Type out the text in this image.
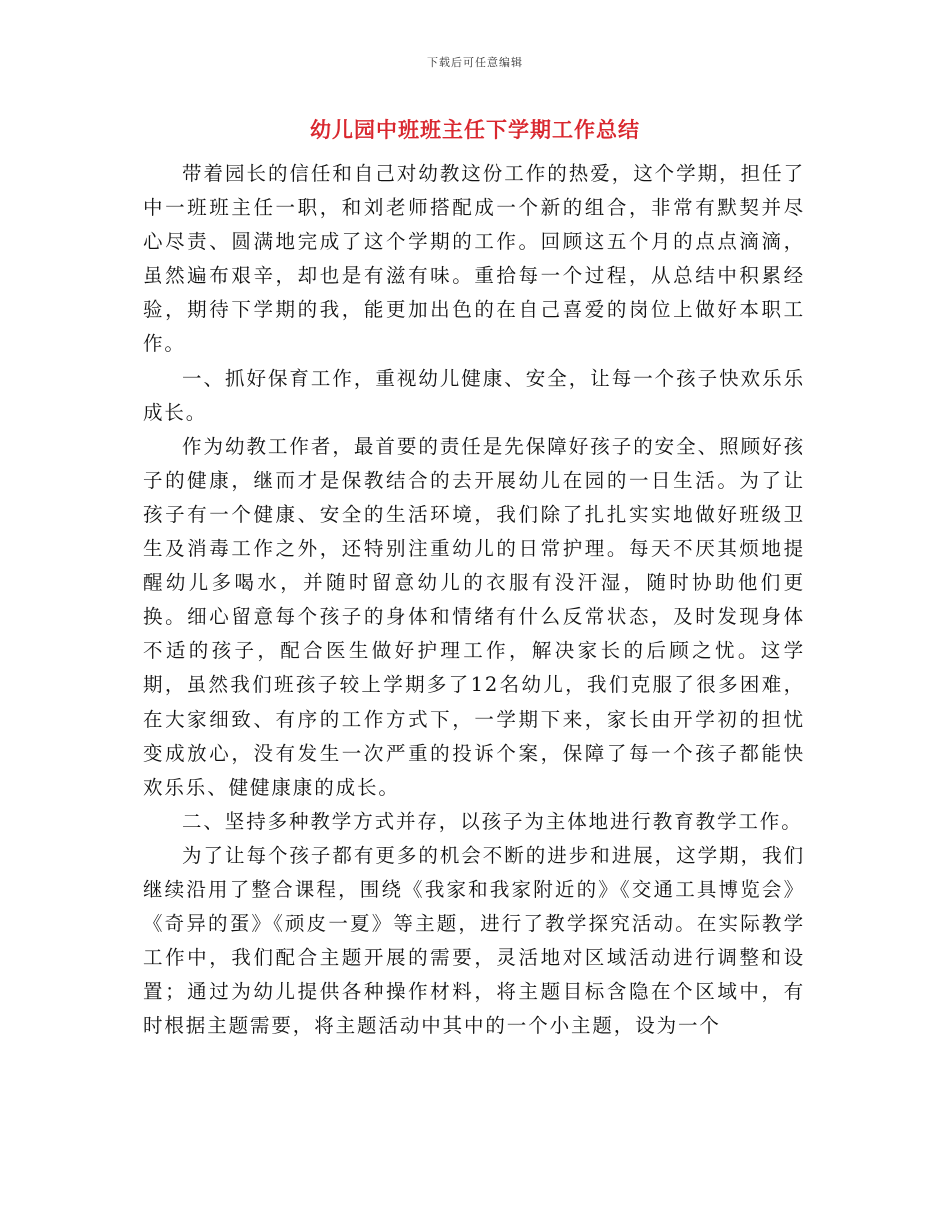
下载后可任意编辑
幼儿园中班班主任下学期工作总结

带着园长的信任和自己对幼教这份工作的热爱，这个学期，担任了中一班班主任一职，和刘老师搭配成一个新的组合，非常有默契并尽心尽责、圆满地完成了这个学期的工作。回顾这五个月的点点滴滴，虽然遍布艰辛，却也是有滋有味。重拾每一个过程，从总结中积累经验，期待下学期的我，能更加出色的在自己喜爱的岗位上做好本职工作。

一、抓好保育工作，重视幼儿健康、安全，让每一个孩子快欢乐乐成长。

作为幼教工作者，最首要的责任是先保障好孩子的安全、照顾好孩子的健康，继而才是保教结合的去开展幼儿在园的一日生活。为了让孩子有一个健康、安全的生活环境，我们除了扎扎实实地做好班级卫生及消毒工作之外，还特别注重幼儿的日常护理。每天不厌其烦地提醒幼儿多喝水，并随时留意幼儿的衣服有没汗湿，随时协助他们更换。细心留意每个孩子的身体和情绪有什么反常状态，及时发现身体不适的孩子，配合医生做好护理工作，解决家长的后顾之忧。这学期，虽然我们班孩子较上学期多了12名幼儿，我们克服了很多困难，在大家细致、有序的工作方式下，一学期下来，家长由开学初的担忧变成放心，没有发生一次严重的投诉个案，保障了每一个孩子都能快欢乐乐、健健康康的成长。

二、坚持多种教学方式并存，以孩子为主体地进行教育教学工作。

为了让每个孩子都有更多的机会不断的进步和进展，这学期，我们继续沿用了整合课程，围绕《我家和我家附近的》《交通工具博览会》《奇异的蛋》《顽皮一夏》等主题，进行了教学探究活动。在实际教学工作中，我们配合主题开展的需要，灵活地对区域活动进行调整和设置；通过为幼儿提供各种操作材料，将主题目标含隐在个区域中，有时根据主题需要，将主题活动中其中的一个小主题，设为一个
